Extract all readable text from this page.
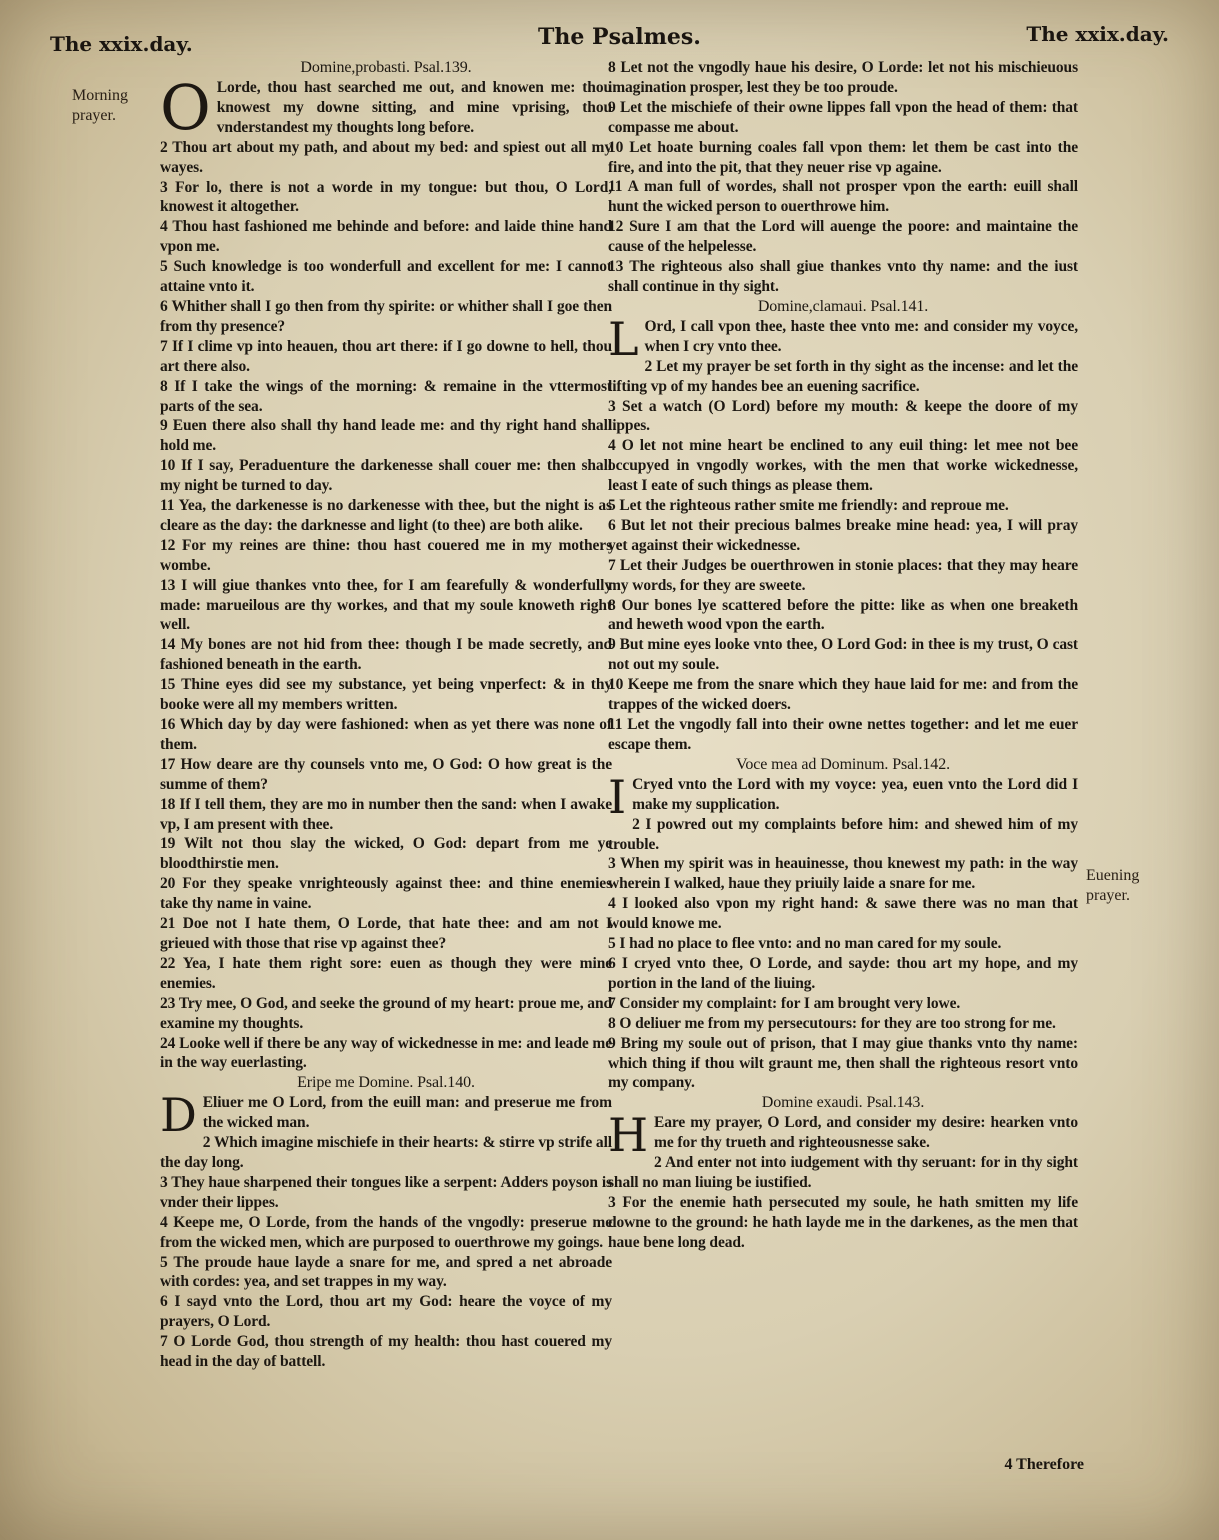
The xxix.day.	The Psalmes.	The xxix.day.
Morning prayer.
Euening prayer.

Domine,probasti. Psal.139.

O Lorde, thou hast searched me out, and knowen me: thou knowest my downe sitting, and mine vprising, thou vnderstandest my thoughts long before.

2 Thou art about my path, and about my bed: and spiest out all my wayes.

3 For lo, there is not a worde in my tongue: but thou, O Lord, knowest it altogether.

4 Thou hast fashioned me behinde and before: and laide thine hand vpon me.

5 Such knowledge is too wonderfull and excellent for me: I cannot attaine vnto it.

6 Whither shall I go then from thy spirite: or whither shall I goe then from thy presence?

7 If I clime vp into heauen, thou art there: if I go downe to hell, thou art there also.

8 If I take the wings of the morning: & remaine in the vttermost parts of the sea.

9 Euen there also shall thy hand leade me: and thy right hand shall hold me.

10 If I say, Peraduenture the darkenesse shall couer me: then shall my night be turned to day.

11 Yea, the darkenesse is no darkenesse with thee, but the night is as cleare as the day: the darknesse and light (to thee) are both alike.

12 For my reines are thine: thou hast couered me in my mothers wombe.

13 I will giue thankes vnto thee, for I am fearefully & wonderfully made: marueilous are thy workes, and that my soule knoweth right well.

14 My bones are not hid from thee: though I be made secretly, and fashioned beneath in the earth.

15 Thine eyes did see my substance, yet being vnperfect: & in thy booke were all my members written.

16 Which day by day were fashioned: when as yet there was none of them.

17 How deare are thy counsels vnto me, O God: O how great is the summe of them?

18 If I tell them, they are mo in number then the sand: when I awake vp, I am present with thee.

19 Wilt not thou slay the wicked, O God: depart from me ye bloodthirstie men.

20 For they speake vnrighteously against thee: and thine enemies take thy name in vaine.

21 Doe not I hate them, O Lorde, that hate thee: and am not I grieued with those that rise vp against thee?

22 Yea, I hate them right sore: euen as though they were mine enemies.

23 Try mee, O God, and seeke the ground of my heart: proue me, and examine my thoughts.

24 Looke well if there be any way of wickednesse in me: and leade me in the way euerlasting.

Eripe me Domine. Psal.140.

D Eliuer me O Lord, from the euill man: and preserue me from the wicked man.

2 Which imagine mischiefe in their hearts: & stirre vp strife all the day long.

3 They haue sharpened their tongues like a serpent: Adders poyson is vnder their lippes.

4 Keepe me, O Lorde, from the hands of the vngodly: preserue me from the wicked men, which are purposed to ouerthrowe my goings.

5 The proude haue layde a snare for me, and spred a net abroade with cordes: yea, and set trappes in my way.

6 I sayd vnto the Lord, thou art my God: heare the voyce of my prayers, O Lord.

7 O Lorde God, thou strength of my health: thou hast couered my head in the day of battell.

8 Let not the vngodly haue his desire, O Lorde: let not his mischieuous imagination prosper, lest they be too proude.

9 Let the mischiefe of their owne lippes fall vpon the head of them: that compasse me about.

10 Let hoate burning coales fall vpon them: let them be cast into the fire, and into the pit, that they neuer rise vp againe.

11 A man full of wordes, shall not prosper vpon the earth: euill shall hunt the wicked person to ouerthrowe him.

12 Sure I am that the Lord will auenge the poore: and maintaine the cause of the helpelesse.

13 The righteous also shall giue thankes vnto thy name: and the iust shall continue in thy sight.

Domine,clamaui. Psal.141.

L Ord, I call vpon thee, haste thee vnto me: and consider my voyce, when I cry vnto thee.

2 Let my prayer be set forth in thy sight as the incense: and let the lifting vp of my handes bee an euening sacrifice.

3 Set a watch (O Lord) before my mouth: & keepe the doore of my lippes.

4 O let not mine heart be enclined to any euil thing: let mee not bee occupyed in vngodly workes, with the men that worke wickednesse, least I eate of such things as please them.

5 Let the righteous rather smite me friendly: and reproue me.

6 But let not their precious balmes breake mine head: yea, I will pray yet against their wickednesse.

7 Let their Judges be ouerthrowen in stonie places: that they may heare my words, for they are sweete.

8 Our bones lye scattered before the pitte: like as when one breaketh and heweth wood vpon the earth.

9 But mine eyes looke vnto thee, O Lord God: in thee is my trust, O cast not out my soule.

10 Keepe me from the snare which they haue laid for me: and from the trappes of the wicked doers.

11 Let the vngodly fall into their owne nettes together: and let me euer escape them.

Voce mea ad Dominum. Psal.142.

I Cryed vnto the Lord with my voyce: yea, euen vnto the Lord did I make my supplication.

2 I powred out my complaints before him: and shewed him of my trouble.

3 When my spirit was in heauinesse, thou knewest my path: in the way wherein I walked, haue they priuily laide a snare for me.

4 I looked also vpon my right hand: & sawe there was no man that would knowe me.

5 I had no place to flee vnto: and no man cared for my soule.

6 I cryed vnto thee, O Lorde, and sayde: thou art my hope, and my portion in the land of the liuing.

7 Consider my complaint: for I am brought very lowe.

8 O deliuer me from my persecutours: for they are too strong for me.

9 Bring my soule out of prison, that I may giue thanks vnto thy name: which thing if thou wilt graunt me, then shall the righteous resort vnto my company.

Domine exaudi. Psal.143.

H Eare my prayer, O Lord, and consider my desire: hearken vnto me for thy trueth and righteousnesse sake.

2 And enter not into iudgement with thy seruant: for in thy sight shall no man liuing be iustified.

3 For the enemie hath persecuted my soule, he hath smitten my life downe to the ground: he hath layde me in the darkenes, as the men that haue bene long dead.

4 Therefore
